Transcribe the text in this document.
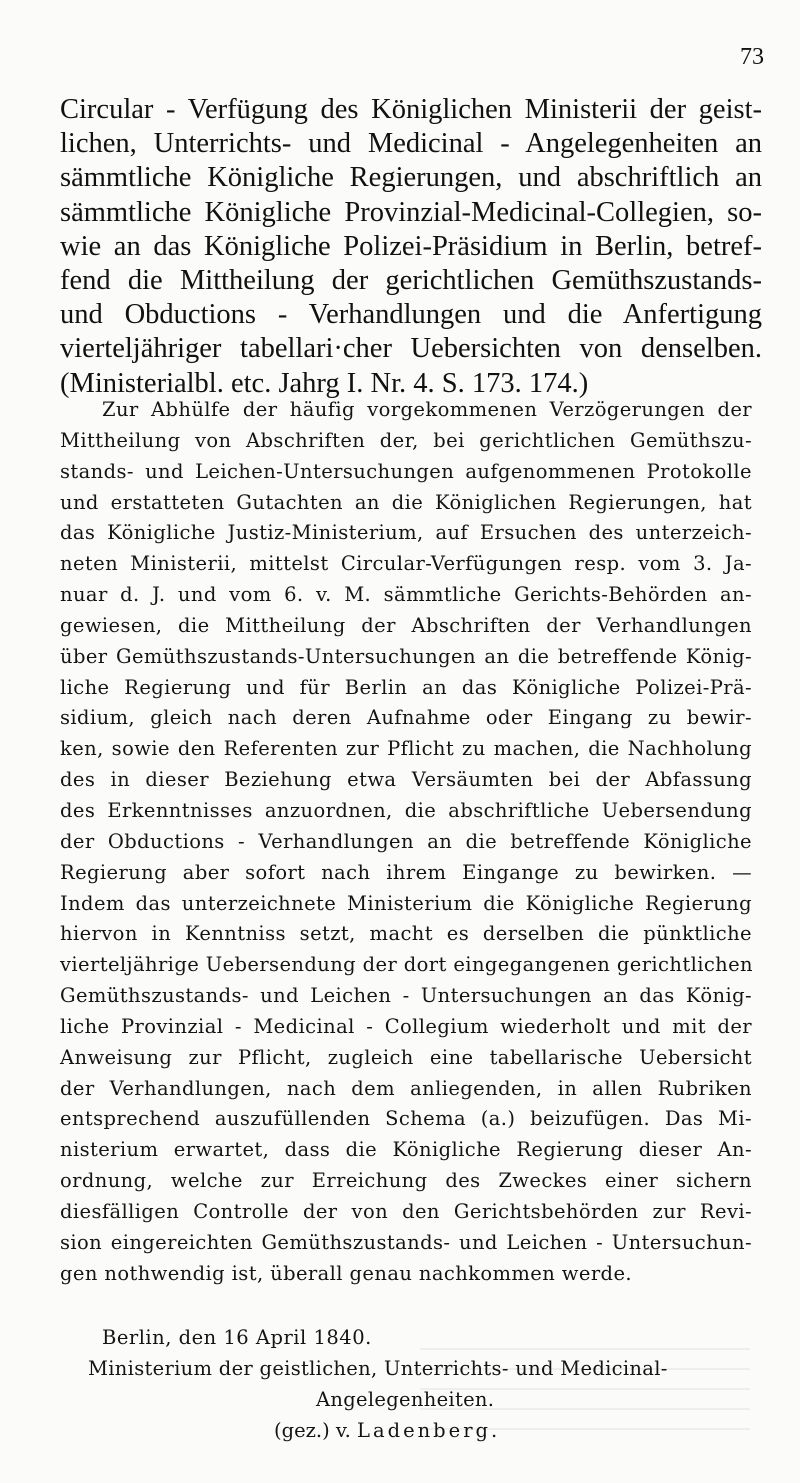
73
Circular - Verfügung des Königlichen Ministerii der geist-
lichen, Unterrichts- und Medicinal - Angelegenheiten an
sämmtliche Königliche Regierungen, und abschriftlich an
sämmtliche Königliche Provinzial-Medicinal-Collegien, so-
wie an das Königliche Polizei-Präsidium in Berlin, betref-
fend die Mittheilung der gerichtlichen Gemüthszustands-
und Obductions - Verhandlungen und die Anfertigung
vierteljähriger tabellari·cher Uebersichten von denselben.
(Ministerialbl. etc. Jahrg I. Nr. 4. S. 173. 174.)
Zur Abhülfe der häufig vorgekommenen Verzögerungen der
Mittheilung von Abschriften der, bei gerichtlichen Gemüthszu-
stands- und Leichen-Untersuchungen aufgenommenen Protokolle
und erstatteten Gutachten an die Königlichen Regierungen, hat
das Königliche Justiz-Ministerium, auf Ersuchen des unterzeich-
neten Ministerii, mittelst Circular-Verfügungen resp. vom 3. Ja-
nuar d. J. und vom 6. v. M. sämmtliche Gerichts-Behörden an-
gewiesen, die Mittheilung der Abschriften der Verhandlungen
über Gemüthszustands-Untersuchungen an die betreffende König-
liche Regierung und für Berlin an das Königliche Polizei-Prä-
sidium, gleich nach deren Aufnahme oder Eingang zu bewir-
ken, sowie den Referenten zur Pflicht zu machen, die Nachholung
des in dieser Beziehung etwa Versäumten bei der Abfassung
des Erkenntnisses anzuordnen, die abschriftliche Uebersendung
der Obductions - Verhandlungen an die betreffende Königliche
Regierung aber sofort nach ihrem Eingange zu bewirken. —
Indem das unterzeichnete Ministerium die Königliche Regierung
hiervon in Kenntniss setzt, macht es derselben die pünktliche
vierteljährige Uebersendung der dort eingegangenen gerichtlichen
Gemüthszustands- und Leichen - Untersuchungen an das König-
liche Provinzial - Medicinal - Collegium wiederholt und mit der
Anweisung zur Pflicht, zugleich eine tabellarische Uebersicht
der Verhandlungen, nach dem anliegenden, in allen Rubriken
entsprechend auszufüllenden Schema (a.) beizufügen. Das Mi-
nisterium erwartet, dass die Königliche Regierung dieser An-
ordnung, welche zur Erreichung des Zweckes einer sichern
diesfälligen Controlle der von den Gerichtsbehörden zur Revi-
sion eingereichten Gemüthszustands- und Leichen - Untersuchun-
gen nothwendig ist, überall genau nachkommen werde.
Berlin, den 16 April 1840.
Ministerium der geistlichen, Unterrichts- und Medicinal-
Angelegenheiten.
(gez.) v. Ladenberg.
